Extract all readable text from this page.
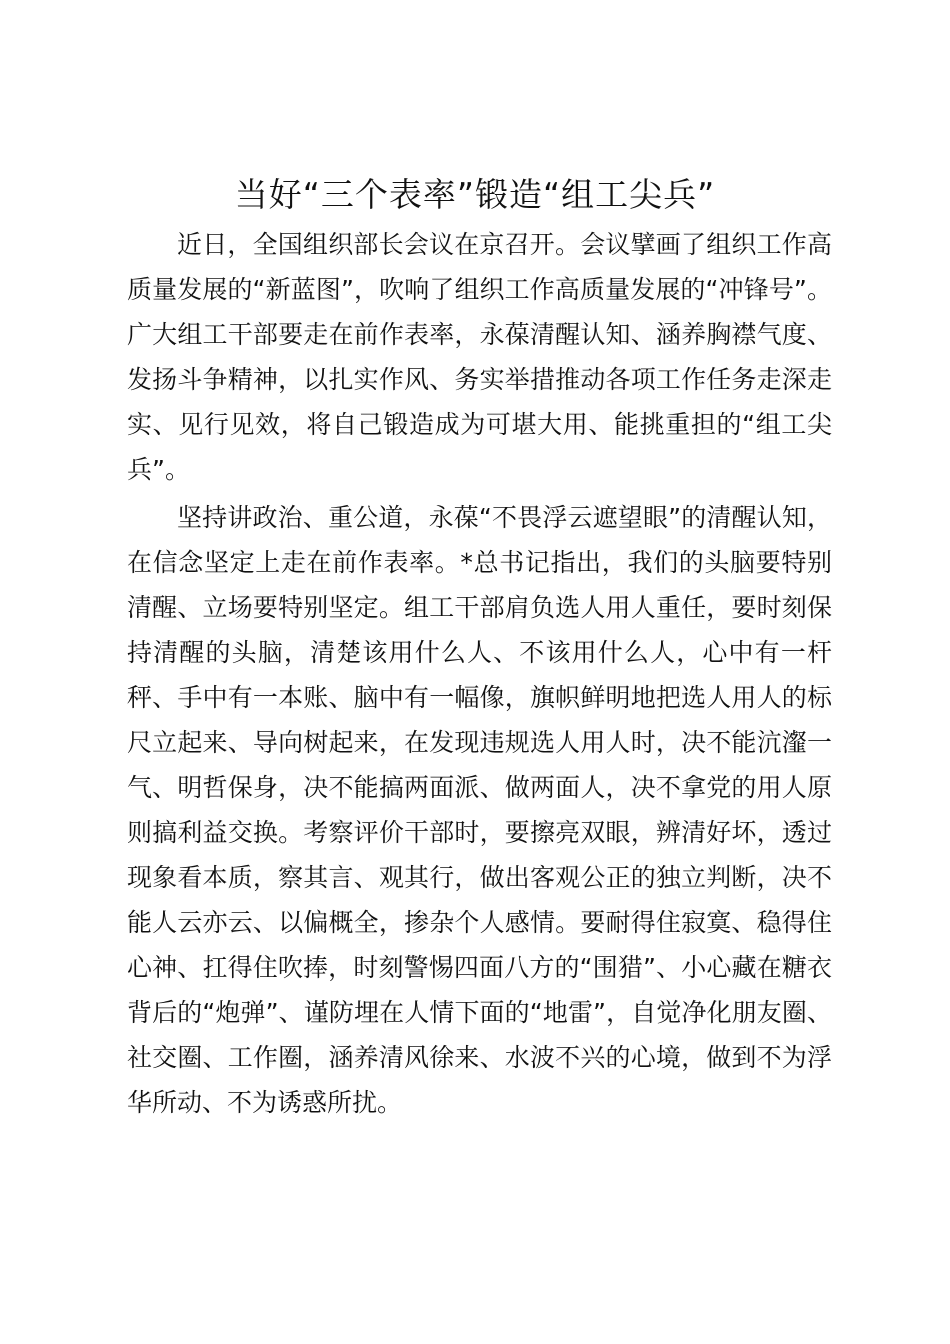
当好“三个表率”锻造“组工尖兵”

近日，全国组织部长会议在京召开。会议擘画了组织工作高质量发展的“新蓝图”，吹响了组织工作高质量发展的“冲锋号”。广大组工干部要走在前作表率，永葆清醒认知、涵养胸襟气度、发扬斗争精神，以扎实作风、务实举措推动各项工作任务走深走实、见行见效，将自己锻造成为可堪大用、能挑重担的“组工尖兵”。

坚持讲政治、重公道，永葆“不畏浮云遮望眼”的清醒认知，在信念坚定上走在前作表率。*总书记指出，我们的头脑要特别清醒、立场要特别坚定。组工干部肩负选人用人重任，要时刻保持清醒的头脑，清楚该用什么人、不该用什么人，心中有一杆秤、手中有一本账、脑中有一幅像，旗帜鲜明地把选人用人的标尺立起来、导向树起来，在发现违规选人用人时，决不能沆瀣一气、明哲保身，决不能搞两面派、做两面人，决不拿党的用人原则搞利益交换。考察评价干部时，要擦亮双眼，辨清好坏，透过现象看本质，察其言、观其行，做出客观公正的独立判断，决不能人云亦云、以偏概全，掺杂个人感情。要耐得住寂寞、稳得住心神、扛得住吹捧，时刻警惕四面八方的“围猎”、小心藏在糖衣背后的“炮弹”、谨防埋在人情下面的“地雷”，自觉净化朋友圈、社交圈、工作圈，涵养清风徐来、水波不兴的心境，做到不为浮华所动、不为诱惑所扰。
